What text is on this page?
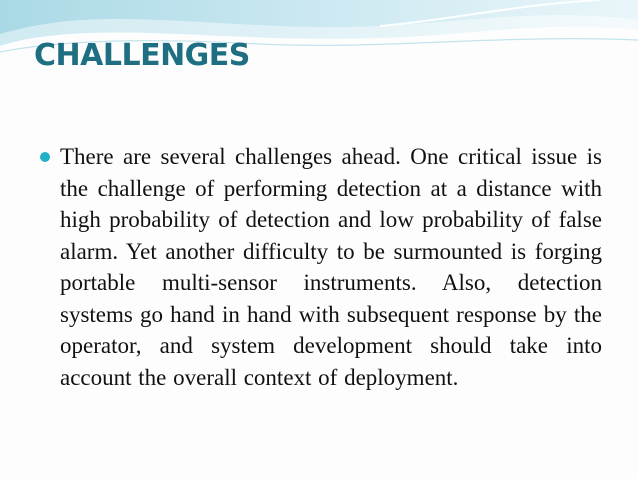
CHALLENGES

There are several challenges ahead. One critical issue is the challenge of performing detection at a distance with high probability of detection and low probability of false alarm. Yet another difficulty to be surmounted is forging portable multi-sensor instruments. Also, detection systems go hand in hand with subsequent response by the operator, and system development should take into account the overall context of deployment.
